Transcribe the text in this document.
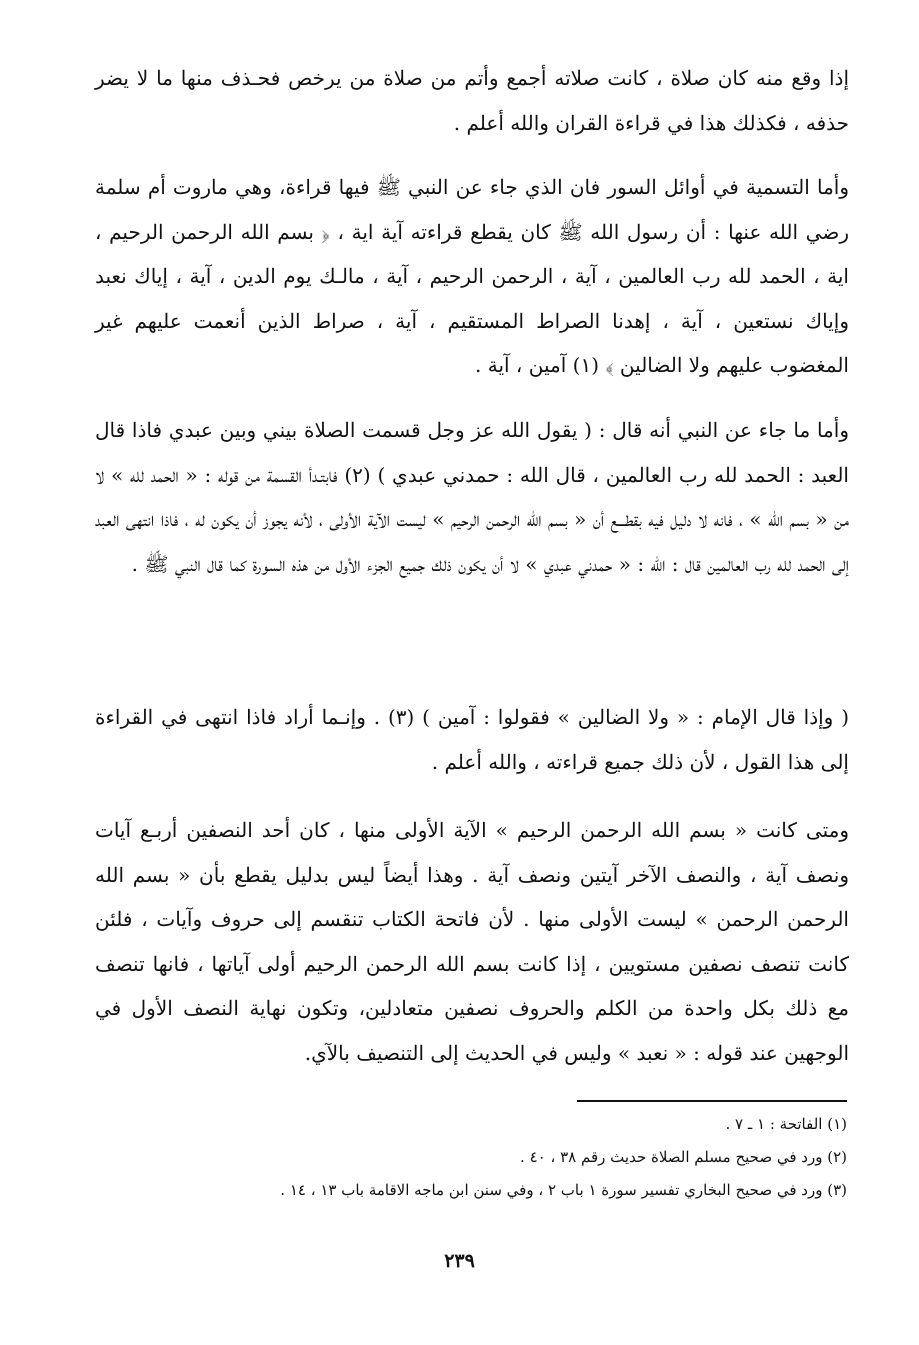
إذا وقع منه كان صلاة ، كانت صلاته أجمع وأتم من صلاة من يرخص فحـذف منها ما لا يضر حذفه ، فكذلك هذا في قراءة القران والله أعلم .

وأما التسمية في أوائل السور فان الذي جاء عن النبي ﷺ فيها قراءة، وهي ماروت أم سلمة رضي الله عنها : أن رسول الله ﷺ كان يقطع قراءته آية اية ، ﴿ بسم الله الرحمن الرحيم ، اية ، الحمد لله رب العالمين ، آية ، الرحمن الرحيم ، آية ، مالـك يوم الدين ، آية ، إياك نعبد وإياك نستعين ، آية ، إهدنا الصراط المستقيم ، آية ، صراط الذين أنعمت عليهم غير المغضوب عليهم ولا الضالين ﴾ (١) آمين ، آية .

وأما ما جاء عن النبي أنه قال : ( يقول الله عز وجل قسمت الصلاة بيني وبين عبدي فاذا قال العبد : الحمد لله رب العالمين ، قال الله : حمدني عبدي ) (٢) فابتـدأ القسمة من قوله : « الحمد لله » لا من « بسم الله » ، فانه لا دليل فيه بقطـــع أن « بسم الله الرحمن الرحيم » ليست الآية الأولى ، لأنه يجوز أن يكون له ، فاذا انتهى العبد إلى الحمد لله رب العالمين قال : الله : « حمدني عبدي » لا أن يكون ذلك جميع الجزء الأول من هذه السورة كما قال النبي ﷺ .

( وإذا قال الإمام : « ولا الضالين » فقولوا : آمين ) (٣) . وإنـما أراد فاذا انتهى في القراءة إلى هذا القول ، لأن ذلك جميع قراءته ، والله أعلم .

ومتى كانت « بسم الله الرحمن الرحيم » الآية الأولى منها ، كان أحد النصفين أربـع آيات ونصف آية ، والنصف الآخر آيتين ونصف آية . وهذا أيضاً ليس بدليل يقطع بأن « بسم الله الرحمن الرحمن » ليست الأولى منها . لأن فاتحة الكتاب تنقسم إلى حروف وآيات ، فلئن كانت تنصف نصفين مستويين ، إذا كانت بسم الله الرحمن الرحيم أولى آياتها ، فانها تنصف مع ذلك بكل واحدة من الكلم والحروف نصفين متعادلين، وتكون نهاية النصف الأول في الوجهين عند قوله : « نعبد » وليس في الحديث إلى التنصيف بالآي.

(١) الفاتحة : ١ ـ ٧ .
(٢) ورد في صحيح مسلم الصلاة حديث رقم ٣٨ ، ٤٠ .
(٣) ورد في صحيح البخاري تفسير سورة ١ باب ٢ ، وفي سنن ابن ماجه الاقامة باب ١٣ ، ١٤ .
٢٣٩
